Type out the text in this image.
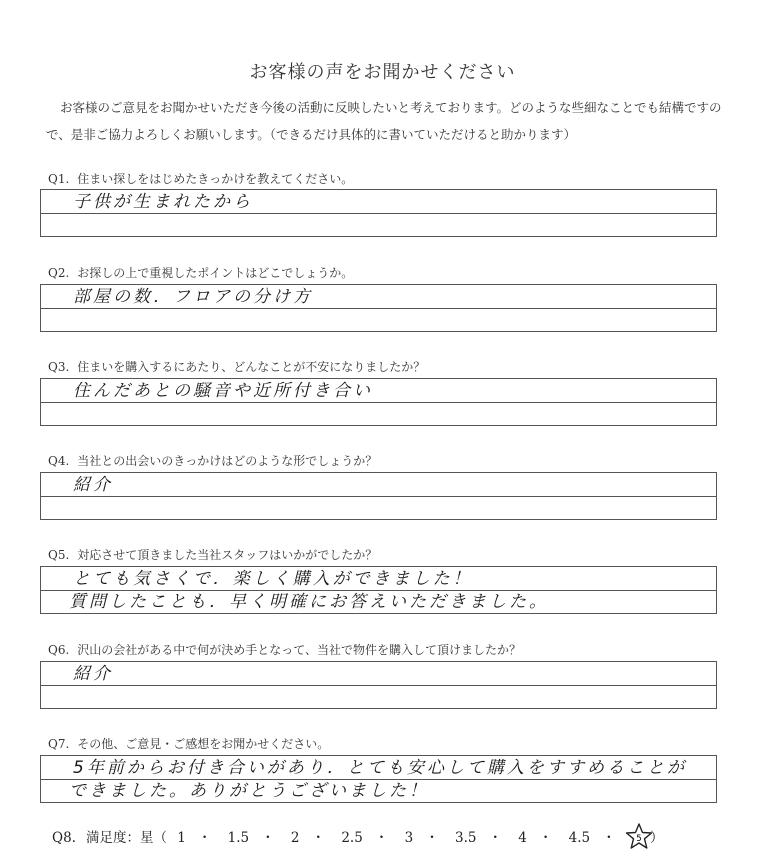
お客様の声をお聞かせください
お客様のご意見をお聞かせいただき今後の活動に反映したいと考えております。どのような些細なことでも結構ですので、是非ご協力よろしくお願いします。（できるだけ具体的に書いていただけると助かります）
Q1. 住まい探しをはじめたきっかけを教えてください。
子供が生まれたから
Q2. お探しの上で重視したポイントはどこでしょうか。
部屋の数．フロアの分け方
Q3. 住まいを購入するにあたり、どんなことが不安になりましたか？
住んだあとの騒音や近所付き合い
Q4. 当社との出会いのきっかけはどのような形でしょうか？
紹介
Q5. 対応させて頂きました当社スタッフはいかがでしたか？
とても気さくで．楽しく購入ができました！
質問したことも．早く明確にお答えいただきました。
Q6. 沢山の会社がある中で何が決め手となって、当社で物件を購入して頂けましたか？
紹介
Q7. その他、ご意見・ご感想をお聞かせください。
5年前からお付き合いがあり．とても安心して購入をすすめることが
できました。ありがとうございました！
Q8. 満足度：星（ 1 ・ 1.5 ・ 2 ・ 2.5 ・ 3 ・ 3.5 ・ 4 ・ 4.5 ・ 5 ）
